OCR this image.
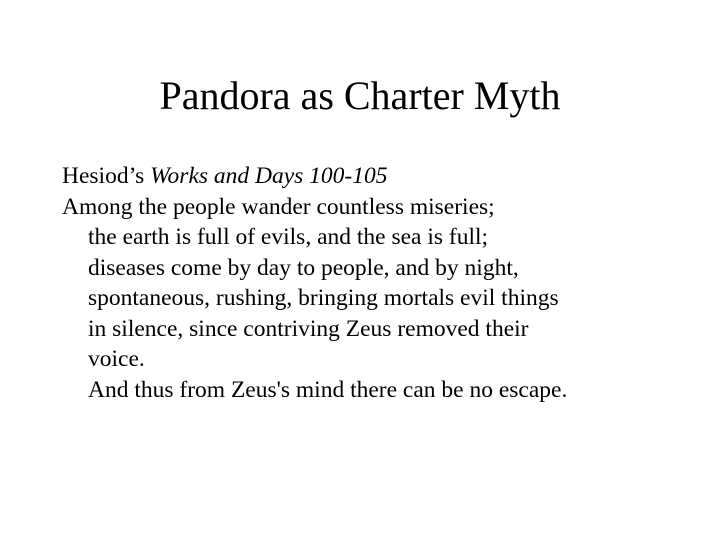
Pandora as Charter Myth
Hesiod’s Works and Days 100-105
Among the people wander countless miseries;
the earth is full of evils, and the sea is full;
diseases come by day to people, and by night,
spontaneous, rushing, bringing mortals evil things
in silence, since contriving Zeus removed their
voice.
And thus from Zeus's mind there can be no escape.
